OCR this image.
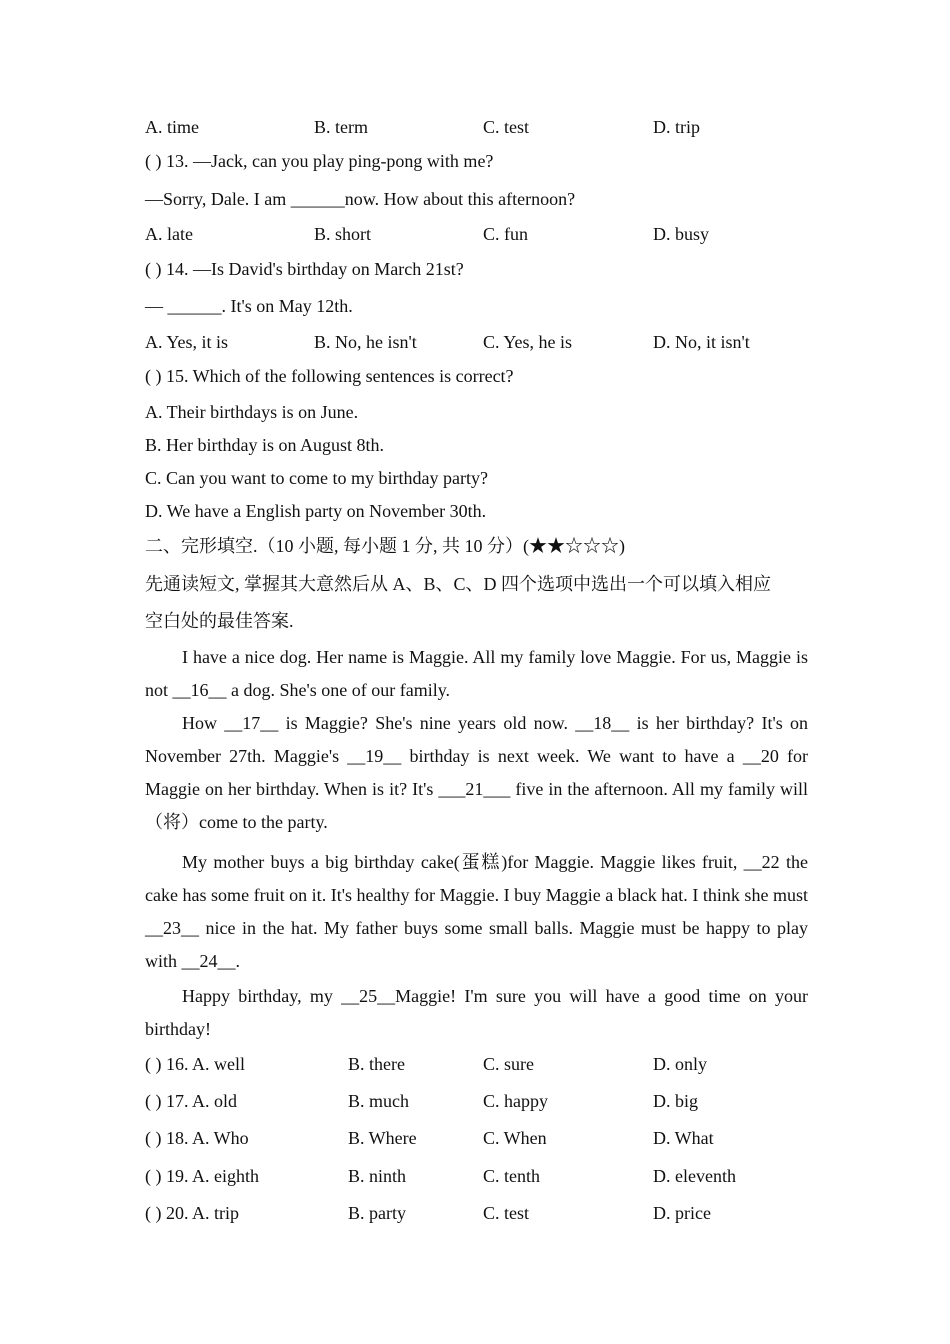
A. time	B. term	C. test	D. trip
( ) 13. —Jack, can you play ping-pong with me?
—Sorry, Dale. I am ______now. How about this afternoon?
A. late	B. short	C. fun	D. busy
( ) 14. —Is David's birthday on March 21st?
— ______. It's on May 12th.
A. Yes, it is	B. No, he isn't	C. Yes, he is	D. No, it isn't
( ) 15. Which of the following sentences is correct?
A. Their birthdays is on June.
B. Her birthday is on August 8th.
C. Can you want to come to my birthday party?
D. We have a English party on November 30th.
二、完形填空.（10 小题, 每小题 1 分, 共 10 分）(★★☆☆☆)
先通读短文, 掌握其大意然后从 A、B、C、D 四个选项中选出一个可以填入相应
空白处的最佳答案.
I have a nice dog. Her name is Maggie. All my family love Maggie. For us, Maggie is not __16__ a dog. She's one of our family.
How __17__ is Maggie? She's nine years old now. __18__ is her birthday? It's on November 27th. Maggie's __19__ birthday is next week. We want to have a __20 for Maggie on her birthday. When is it? It's ___21___ five in the afternoon. All my family will（将）come to the party.
My mother buys a big birthday cake(蛋糕)for Maggie. Maggie likes fruit, __22 the cake has some fruit on it. It's healthy for Maggie. I buy Maggie a black hat. I think she must __23__ nice in the hat. My father buys some small balls. Maggie must be happy to play with __24__.
Happy birthday, my __25__Maggie! I'm sure you will have a good time on your birthday!
( ) 16. A. well	B. there	C. sure	D. only
( ) 17. A. old	B. much	C. happy	D. big
( ) 18. A. Who	B. Where	C. When	D. What
( ) 19. A. eighth	B. ninth	C. tenth	D. eleventh
( ) 20. A. trip	B. party	C. test	D. price
